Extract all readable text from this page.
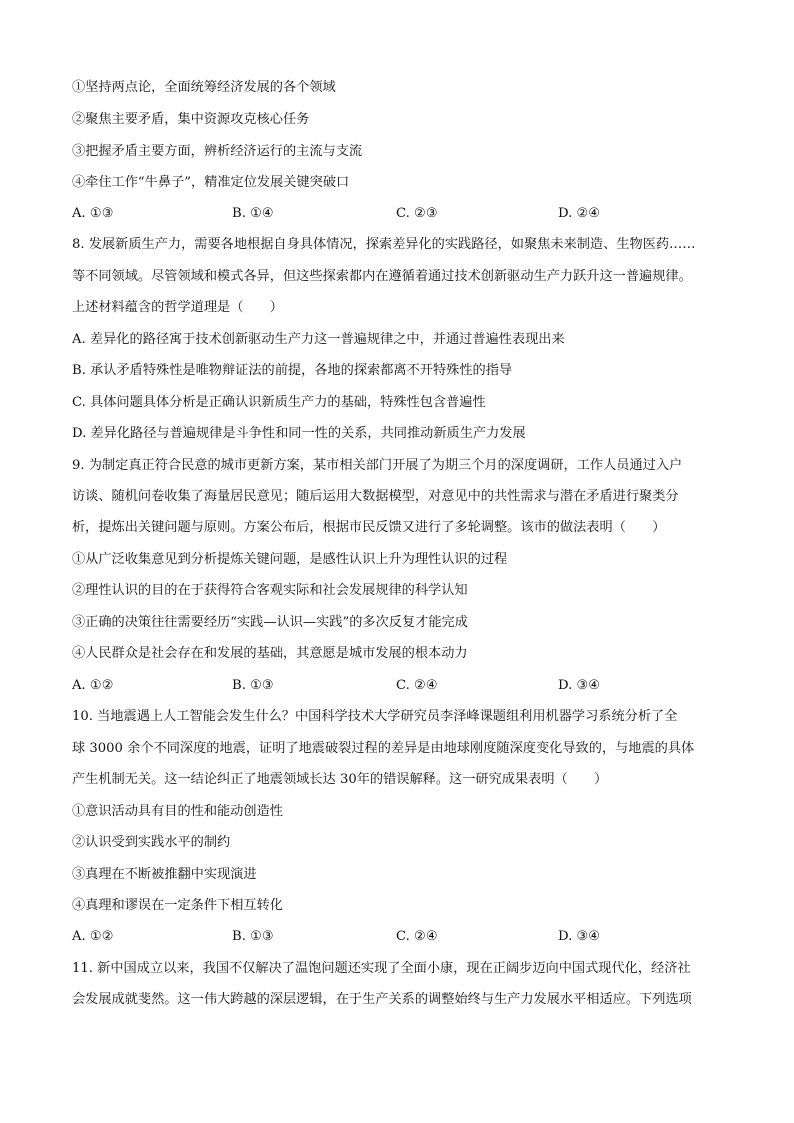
①坚持两点论，全面统筹经济发展的各个领域
②聚焦主要矛盾，集中资源攻克核心任务
③把握矛盾主要方面，辨析经济运行的主流与支流
④牵住工作“牛鼻子”，精准定位发展关键突破口
A. ①③	B. ①④	C. ②③	D. ②④
8. 发展新质生产力，需要各地根据自身具体情况，探索差异化的实践路径，如聚焦未来制造、生物医药……
等不同领域。尽管领域和模式各异，但这些探索都内在遵循着通过技术创新驱动生产力跃升这一普遍规律。
上述材料蕴含的哲学道理是（　　）
A. 差异化的路径寓于技术创新驱动生产力这一普遍规律之中，并通过普遍性表现出来
B. 承认矛盾特殊性是唯物辩证法的前提，各地的探索都离不开特殊性的指导
C. 具体问题具体分析是正确认识新质生产力的基础，特殊性包含普遍性
D. 差异化路径与普遍规律是斗争性和同一性的关系，共同推动新质生产力发展
9. 为制定真正符合民意的城市更新方案，某市相关部门开展了为期三个月的深度调研，工作人员通过入户
访谈、随机问卷收集了海量居民意见；随后运用大数据模型，对意见中的共性需求与潜在矛盾进行聚类分
析，提炼出关键问题与原则。方案公布后，根据市民反馈又进行了多轮调整。该市的做法表明（　　）
①从广泛收集意见到分析提炼关键问题，是感性认识上升为理性认识的过程
②理性认识的目的在于获得符合客观实际和社会发展规律的科学认知
③正确的决策往往需要经历“实践—认识—实践”的多次反复才能完成
④人民群众是社会存在和发展的基础，其意愿是城市发展的根本动力
A. ①②	B. ①③	C. ②④	D. ③④
10. 当地震遇上人工智能会发生什么？中国科学技术大学研究员李泽峰课题组利用机器学习系统分析了全
球 3000 余个不同深度的地震，证明了地震破裂过程的差异是由地球刚度随深度变化导致的，与地震的具体
产生机制无关。这一结论纠正了地震领域长达 30年的错误解释。这一研究成果表明（　　）
①意识活动具有目的性和能动创造性
②认识受到实践水平的制约
③真理在不断被推翻中实现演进
④真理和谬误在一定条件下相互转化
A. ①②	B. ①③	C. ②④	D. ③④
11. 新中国成立以来，我国不仅解决了温饱问题还实现了全面小康，现在正阔步迈向中国式现代化，经济社
会发展成就斐然。这一伟大跨越的深层逻辑，在于生产关系的调整始终与生产力发展水平相适应。下列选项
